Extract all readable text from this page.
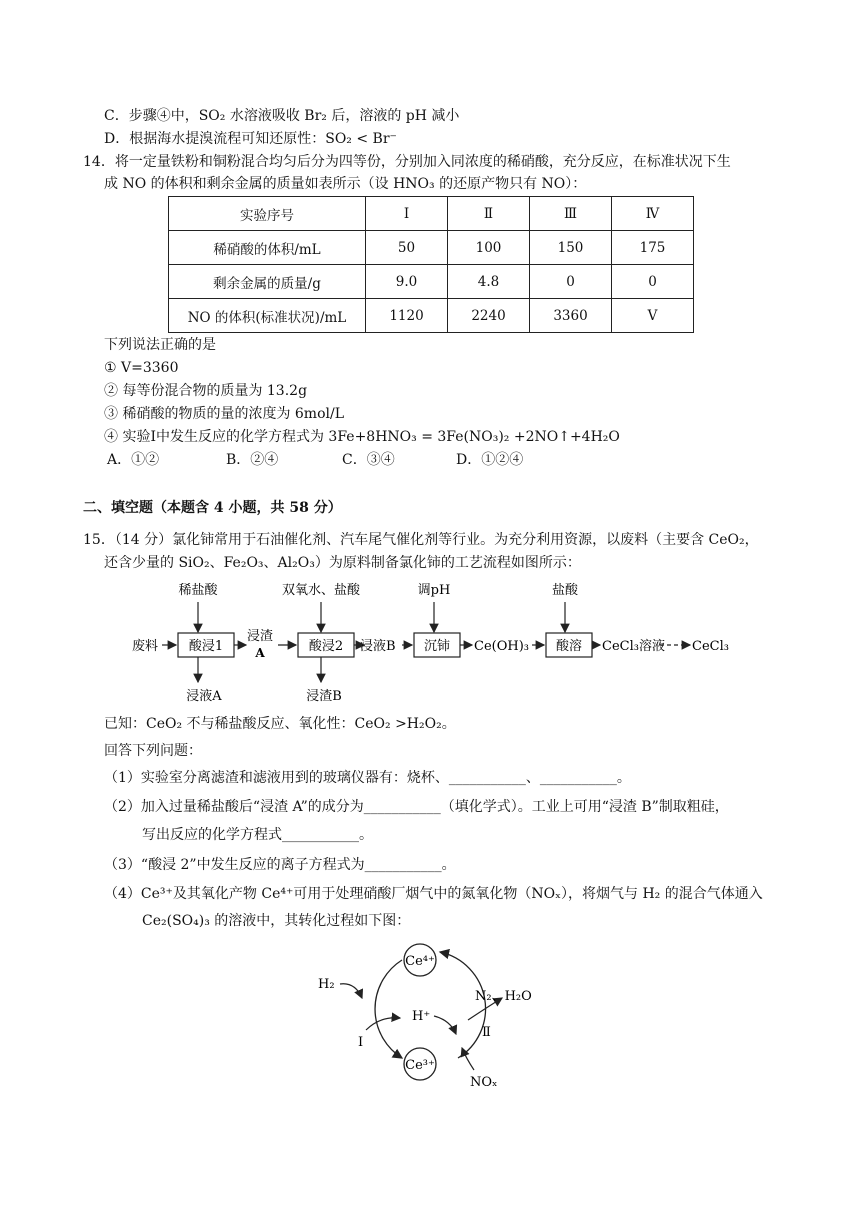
C．步骤④中，SO₂ 水溶液吸收 Br₂ 后，溶液的 pH 减小
D．根据海水提溴流程可知还原性：SO₂ < Br⁻
14．将一定量铁粉和铜粉混合均匀后分为四等份，分别加入同浓度的稀硝酸，充分反应，在标准状况下生
成 NO 的体积和剩余金属的质量如表所示（设 HNO₃ 的还原产物只有 NO）：
实验序号	Ⅰ	Ⅱ	Ⅲ	Ⅳ
稀硝酸的体积/mL	50	100	150	175
剩余金属的质量/g	9.0	4.8	0	0
NO 的体积(标准状况)/mL	1120	2240	3360	V
下列说法正确的是
① V=3360
② 每等份混合物的质量为 13.2g
③ 稀硝酸的物质的量的浓度为 6mol/L
④ 实验Ⅰ中发生反应的化学方程式为 3Fe+8HNO₃ = 3Fe(NO₃)₂ +2NO↑+4H₂O
A．①②	B．②④	C．③④	D．①②④
二、填空题（本题含 4 小题，共 58 分）
15．（14 分）氯化铈常用于石油催化剂、汽车尾气催化剂等行业。为充分利用资源，以废料（主要含 CeO₂，
还含少量的 SiO₂、Fe₂O₃、Al₂O₃）为原料制备氯化铈的工艺流程如图所示：
稀盐酸	双氧水、盐酸	调pH	盐酸
废料 酸浸1
浸渣
A	酸浸2 浸液B 沉铈 Ce(OH)₃ 酸溶 CeCl₃溶液 CeCl₃
浸液A	浸渣B
已知：CeO₂ 不与稀盐酸反应、氧化性：CeO₂ >H₂O₂。
回答下列问题：
（1）实验室分离滤渣和滤液用到的玻璃仪器有：烧杯、___________、___________。
（2）加入过量稀盐酸后“浸渣 A”的成分为___________（填化学式）。工业上可用“浸渣 B”制取粗硅，
写出反应的化学方程式___________。
（3）“酸浸 2”中发生反应的离子方程式为___________。
（4）Ce³⁺及其氧化产物 Ce⁴⁺可用于处理硝酸厂烟气中的氮氧化物（NOₓ），将烟气与 H₂ 的混合气体通入
Ce₂(SO₄)₃ 的溶液中，其转化过程如下图：
Ce⁴⁺
Ce³⁺
H₂
H⁺
N₂、H₂O
NOₓ
Ⅰ
Ⅱ
